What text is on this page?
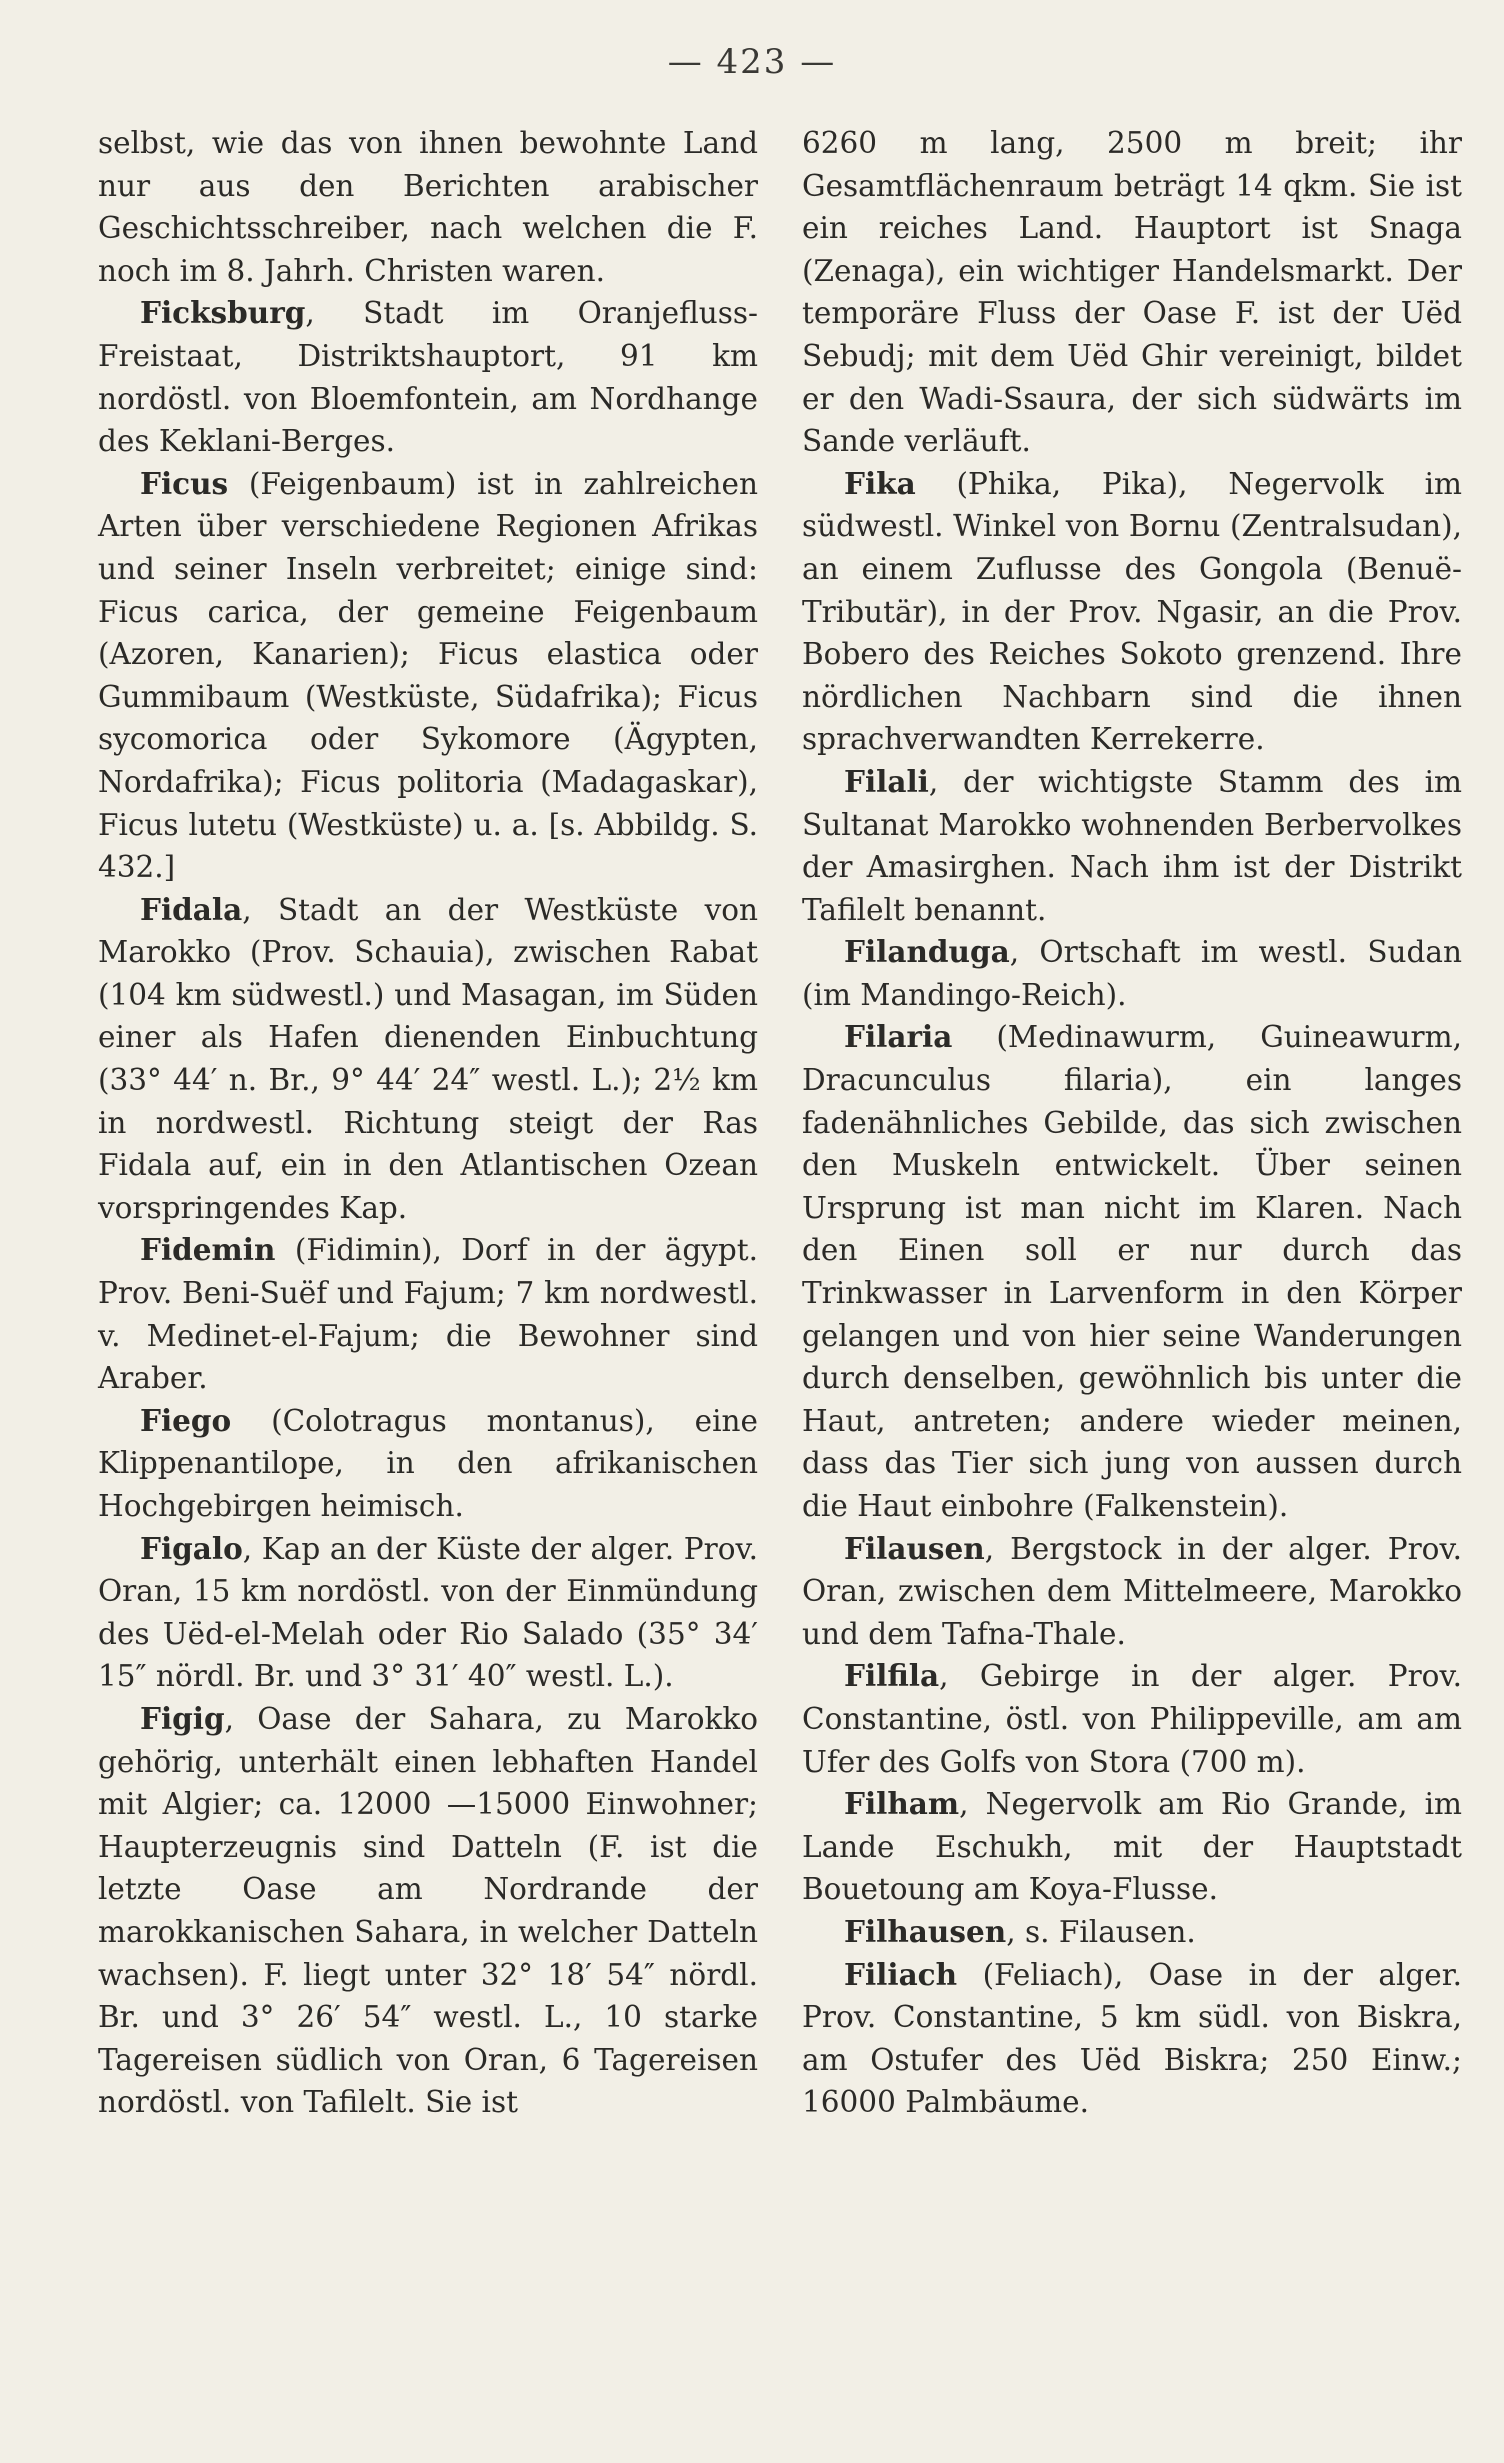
— 423 —

selbst, wie das von ihnen bewohnte Land nur aus den Berichten arabischer Geschichtsschreiber, nach welchen die F. noch im 8. Jahrh. Christen waren.

Ficksburg, Stadt im Oranjefluss-Freistaat, Distriktshauptort, 91 km nordöstl. von Bloemfontein, am Nordhange des Keklani-Berges.

Ficus (Feigenbaum) ist in zahlreichen Arten über verschiedene Regionen Afrikas und seiner Inseln verbreitet; einige sind: Ficus carica, der gemeine Feigenbaum (Azoren, Kanarien); Ficus elastica oder Gummibaum (Westküste, Südafrika); Ficus sycomorica oder Sykomore (Ägypten, Nordafrika); Ficus politoria (Madagaskar), Ficus lutetu (Westküste) u. a. [s. Abbildg. S. 432.]

Fidala, Stadt an der Westküste von Marokko (Prov. Schauia), zwischen Rabat (104 km südwestl.) und Masagan, im Süden einer als Hafen dienenden Einbuchtung (33° 44′ n. Br., 9° 44′ 24″ westl. L.); 2½ km in nordwestl. Richtung steigt der Ras Fidala auf, ein in den Atlantischen Ozean vorspringendes Kap.

Fidemin (Fidimin), Dorf in der ägypt. Prov. Beni-Suëf und Fajum; 7 km nordwestl. v. Medinet-el-Fajum; die Bewohner sind Araber.

Fiego (Colotragus montanus), eine Klippenantilope, in den afrikanischen Hochgebirgen heimisch.

Figalo, Kap an der Küste der alger. Prov. Oran, 15 km nordöstl. von der Einmündung des Uëd-el-Melah oder Rio Salado (35° 34′ 15″ nördl. Br. und 3° 31′ 40″ westl. L.).

Figig, Oase der Sahara, zu Marokko gehörig, unterhält einen lebhaften Handel mit Algier; ca. 12000 —15000 Einwohner; Haupterzeugnis sind Datteln (F. ist die letzte Oase am Nordrande der marokkanischen Sahara, in welcher Datteln wachsen). F. liegt unter 32° 18′ 54″ nördl. Br. und 3° 26′ 54″ westl. L., 10 starke Tagereisen südlich von Oran, 6 Tagereisen nordöstl. von Tafilelt. Sie ist

6260 m lang, 2500 m breit; ihr Gesamtflächenraum beträgt 14 qkm. Sie ist ein reiches Land. Hauptort ist Snaga (Zenaga), ein wichtiger Handelsmarkt. Der temporäre Fluss der Oase F. ist der Uëd Sebudj; mit dem Uëd Ghir vereinigt, bildet er den Wadi-Ssaura, der sich südwärts im Sande verläuft.

Fika (Phika, Pika), Negervolk im südwestl. Winkel von Bornu (Zentralsudan), an einem Zuflusse des Gongola (Benuë-Tributär), in der Prov. Ngasir, an die Prov. Bobero des Reiches Sokoto grenzend. Ihre nördlichen Nachbarn sind die ihnen sprachverwandten Kerrekerre.

Filali, der wichtigste Stamm des im Sultanat Marokko wohnenden Berbervolkes der Amasirghen. Nach ihm ist der Distrikt Tafilelt benannt.

Filanduga, Ortschaft im westl. Sudan (im Mandingo-Reich).

Filaria (Medinawurm, Guineawurm, Dracunculus filaria), ein langes fadenähnliches Gebilde, das sich zwischen den Muskeln entwickelt. Über seinen Ursprung ist man nicht im Klaren. Nach den Einen soll er nur durch das Trinkwasser in Larvenform in den Körper gelangen und von hier seine Wanderungen durch denselben, gewöhnlich bis unter die Haut, antreten; andere wieder meinen, dass das Tier sich jung von aussen durch die Haut einbohre (Falkenstein).

Filausen, Bergstock in der alger. Prov. Oran, zwischen dem Mittelmeere, Marokko und dem Tafna-Thale.

Filfila, Gebirge in der alger. Prov. Constantine, östl. von Philippeville, am am Ufer des Golfs von Stora (700 m).

Filham, Negervolk am Rio Grande, im Lande Eschukh, mit der Hauptstadt Bouetoung am Koya-Flusse.

Filhausen, s. Filausen.

Filiach (Feliach), Oase in der alger. Prov. Constantine, 5 km südl. von Biskra, am Ostufer des Uëd Biskra; 250 Einw.; 16000 Palmbäume.
